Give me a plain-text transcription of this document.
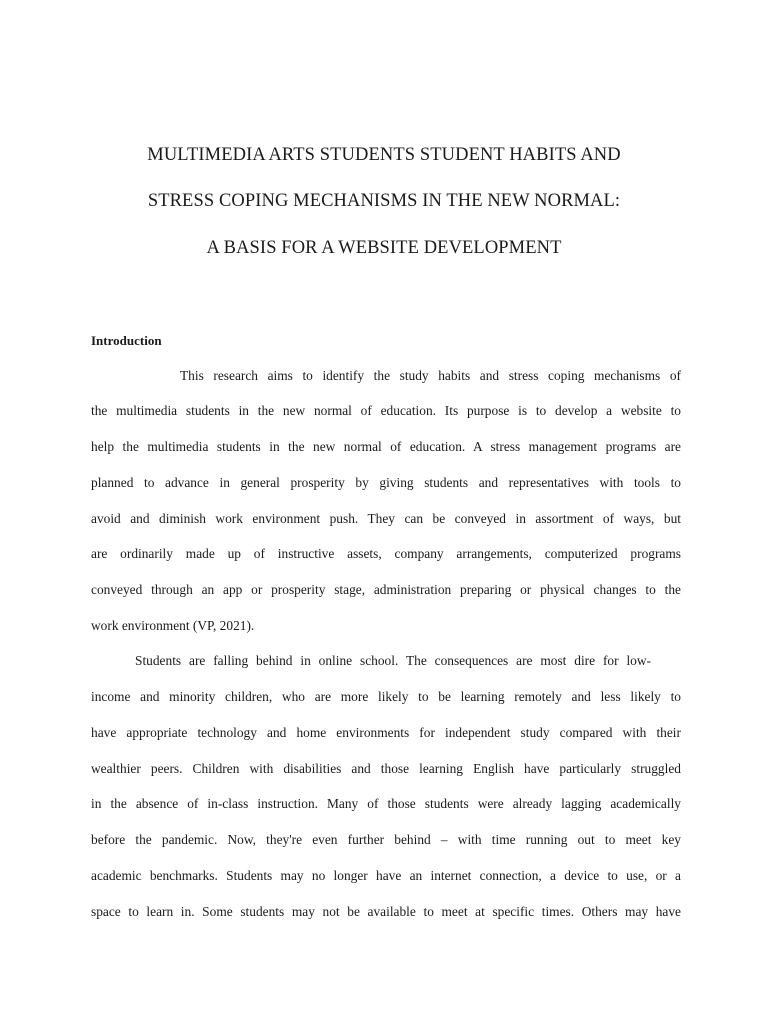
MULTIMEDIA ARTS STUDENTS STUDENT HABITS AND
STRESS COPING MECHANISMS IN THE NEW NORMAL:
A BASIS FOR A WEBSITE DEVELOPMENT
Introduction
This research aims to identify the study habits and stress coping mechanisms of
the multimedia students in the new normal of education. Its purpose is to develop a website to
help the multimedia students in the new normal of education. A stress management programs are
planned to advance in general prosperity by giving students and representatives with tools to
avoid and diminish work environment push. They can be conveyed in assortment of ways, but
are ordinarily made up of instructive assets, company arrangements, computerized programs
conveyed through an app or prosperity stage, administration preparing or physical changes to the
work environment (VP, 2021).
Students are falling behind in online school. The consequences are most dire for low-
income and minority children, who are more likely to be learning remotely and less likely to
have appropriate technology and home environments for independent study compared with their
wealthier peers. Children with disabilities and those learning English have particularly struggled
in the absence of in-class instruction. Many of those students were already lagging academically
before the pandemic. Now, they're even further behind – with time running out to meet key
academic benchmarks. Students may no longer have an internet connection, a device to use, or a
space to learn in. Some students may not be available to meet at specific times. Others may have
